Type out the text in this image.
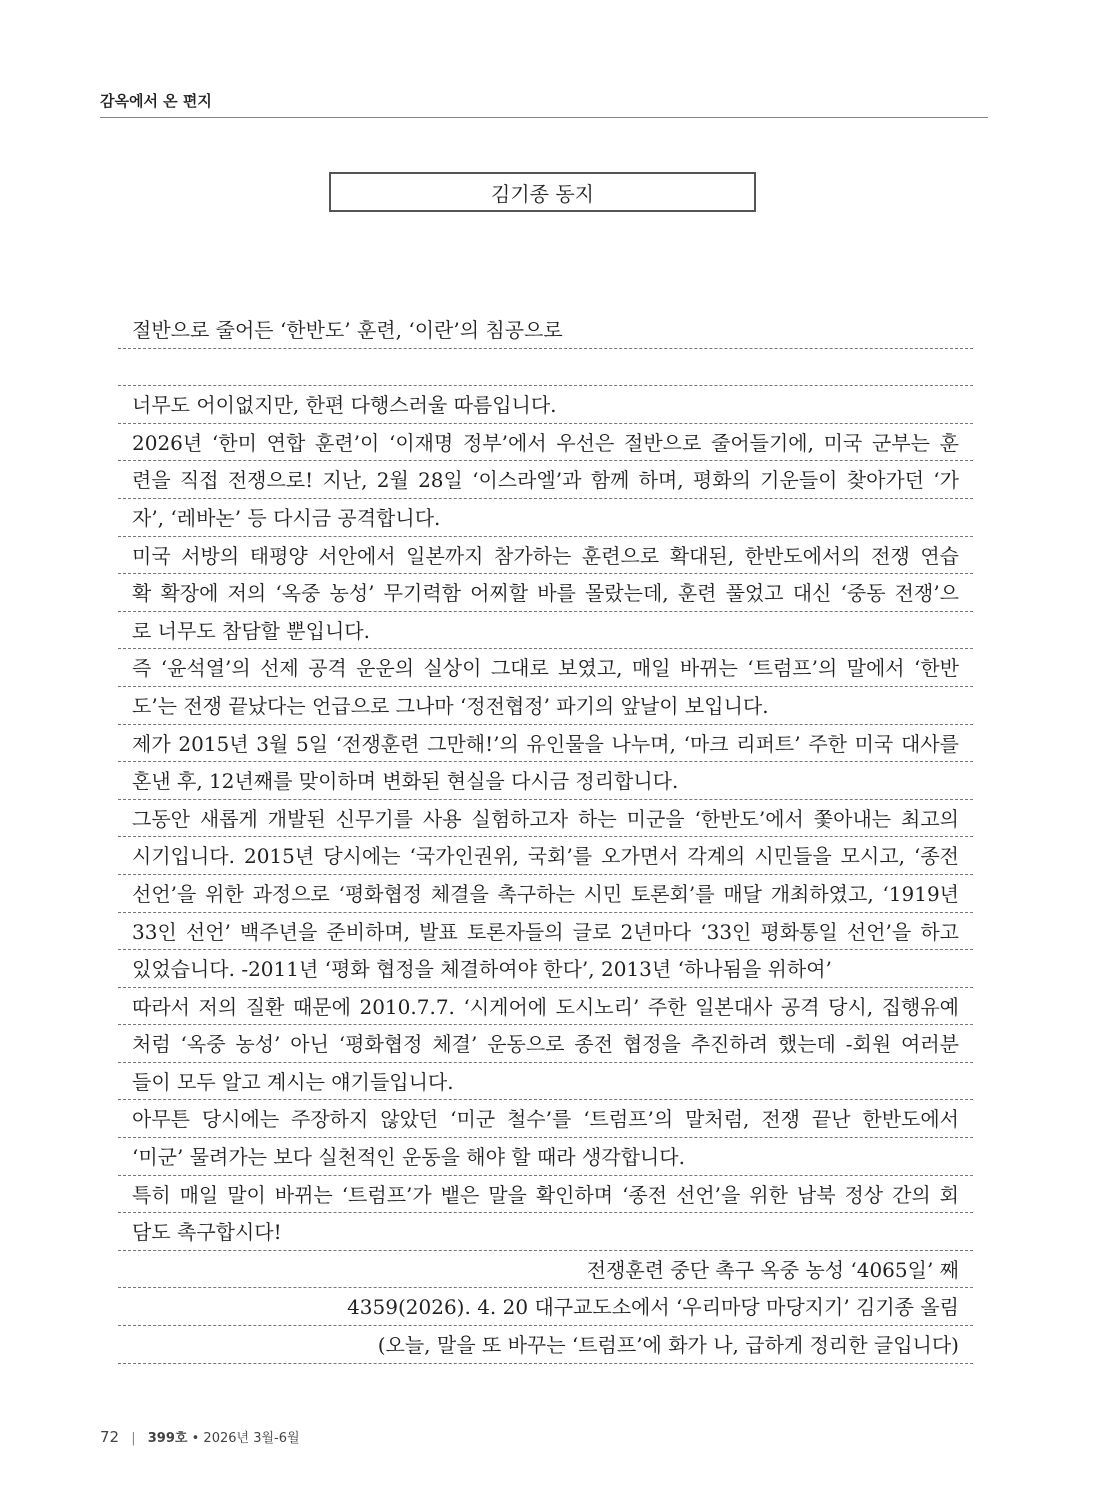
감옥에서 온 편지
김기종 동지
절반으로 줄어든 ‘한반도’ 훈련, ‘이란’의 침공으로
너무도 어이없지만, 한편 다행스러울 따름입니다.
2026년 ‘한미 연합 훈련’이 ‘이재명 정부’에서 우선은 절반으로 줄어들기에, 미국 군부는 훈
련을 직접 전쟁으로! 지난, 2월 28일 ‘이스라엘’과 함께 하며, 평화의 기운들이 찾아가던 ‘가
자’, ‘레바논’ 등 다시금 공격합니다.
미국 서방의 태평양 서안에서 일본까지 참가하는 훈련으로 확대된, 한반도에서의 전쟁 연습
확 확장에 저의 ‘옥중 농성’ 무기력함 어찌할 바를 몰랐는데, 훈련 풀었고 대신 ‘중동 전쟁’으
로 너무도 참담할 뿐입니다.
즉 ‘윤석열’의 선제 공격 운운의 실상이 그대로 보였고, 매일 바뀌는 ‘트럼프’의 말에서 ‘한반
도’는 전쟁 끝났다는 언급으로 그나마 ‘정전협정’ 파기의 앞날이 보입니다.
제가 2015년 3월 5일 ‘전쟁훈련 그만해!’의 유인물을 나누며, ‘마크 리퍼트’ 주한 미국 대사를
혼낸 후, 12년째를 맞이하며 변화된 현실을 다시금 정리합니다.
그동안 새롭게 개발된 신무기를 사용 실험하고자 하는 미군을 ‘한반도’에서 쫓아내는 최고의
시기입니다. 2015년 당시에는 ‘국가인권위, 국회’를 오가면서 각계의 시민들을 모시고, ‘종전
선언’을 위한 과정으로 ‘평화협정 체결을 촉구하는 시민 토론회’를 매달 개최하였고, ‘1919년
33인 선언’ 백주년을 준비하며, 발표 토론자들의 글로 2년마다 ‘33인 평화통일 선언’을 하고
있었습니다. -2011년 ‘평화 협정을 체결하여야 한다’, 2013년 ‘하나됨을 위하여’
따라서 저의 질환 때문에 2010.7.7. ‘시게어에 도시노리’ 주한 일본대사 공격 당시, 집행유예
처럼 ‘옥중 농성’ 아닌 ‘평화협정 체결’ 운동으로 종전 협정을 추진하려 했는데 -회원 여러분
들이 모두 알고 계시는 얘기들입니다.
아무튼 당시에는 주장하지 않았던 ‘미군 철수’를 ‘트럼프’의 말처럼, 전쟁 끝난 한반도에서
‘미군’ 물려가는 보다 실천적인 운동을 해야 할 때라 생각합니다.
특히 매일 말이 바뀌는 ‘트럼프’가 뱉은 말을 확인하며 ‘종전 선언’을 위한 남북 정상 간의 회
담도 촉구합시다!
전쟁훈련 중단 촉구 옥중 농성 ‘4065일’ 째
4359(2026). 4. 20 대구교도소에서 ‘우리마당 마당지기’ 김기종 올림
(오늘, 말을 또 바꾸는 ‘트럼프’에 화가 나, 급하게 정리한 글입니다)
72 | 399호 • 2026년 3월-6월
